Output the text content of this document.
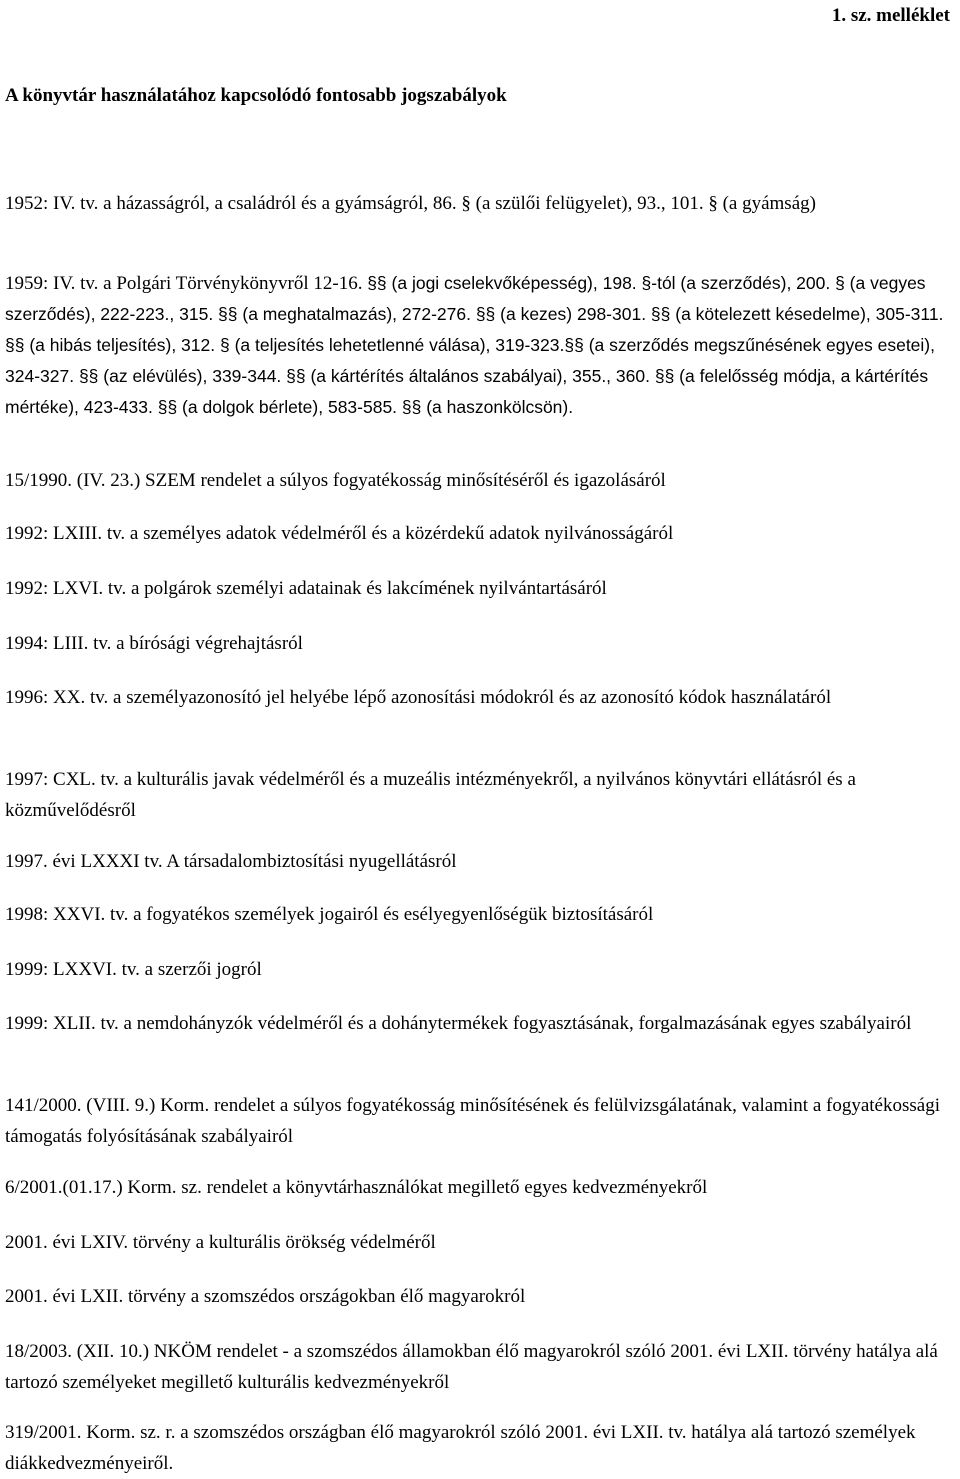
1. sz. melléklet
A könyvtár használatához kapcsolódó fontosabb jogszabályok

1952: IV. tv. a házasságról, a családról és a gyámságról, 86. § (a szülői felügyelet), 93., 101. § (a gyámság)

1959: IV. tv. a Polgári Törvénykönyvről 12-16. §§ (a jogi cselekvőképesség), 198. §-tól (a szerződés), 200. § (a vegyes szerződés), 222-223., 315. §§ (a meghatalmazás), 272-276. §§ (a kezes) 298-301. §§ (a kötelezett késedelme), 305-311. §§ (a hibás teljesítés), 312. § (a teljesítés lehetetlenné válása), 319-323.§§ (a szerződés megszűnésének egyes esetei), 324-327. §§ (az elévülés), 339-344. §§ (a kártérítés általános szabályai), 355., 360. §§ (a felelősség módja, a kártérítés mértéke), 423-433. §§ (a dolgok bérlete), 583-585. §§ (a haszonkölcsön).

15/1990. (IV. 23.) SZEM rendelet a súlyos fogyatékosság minősítéséről és igazolásáról

1992: LXIII. tv. a személyes adatok védelméről és a közérdekű adatok nyilvánosságáról

1992: LXVI. tv. a polgárok személyi adatainak és lakcímének nyilvántartásáról

1994: LIII. tv. a bírósági végrehajtásról

1996: XX. tv. a személyazonosító jel helyébe lépő azonosítási módokról és az azonosító kódok használatáról

1997: CXL. tv. a kulturális javak védelméről és a muzeális intézményekről, a nyilvános könyvtári ellátásról és a közművelődésről

1997. évi LXXXI tv. A társadalombiztosítási nyugellátásról

1998: XXVI. tv. a fogyatékos személyek jogairól és esélyegyenlőségük biztosításáról

1999: LXXVI. tv. a szerzői jogról

1999: XLII. tv. a nemdohányzók védelméről és a dohánytermékek fogyasztásának, forgalmazásának egyes szabályairól

141/2000. (VIII. 9.) Korm. rendelet a súlyos fogyatékosság minősítésének és felülvizsgálatának, valamint a fogyatékossági támogatás folyósításának szabályairól

6/2001.(01.17.) Korm. sz. rendelet a könyvtárhasználókat megillető egyes kedvezményekről

2001. évi LXIV. törvény a kulturális örökség védelméről

2001. évi LXII. törvény a szomszédos országokban élő magyarokról

18/2003. (XII. 10.) NKÖM rendelet - a szomszédos államokban élő magyarokról szóló 2001. évi LXII. törvény hatálya alá tartozó személyeket megillető kulturális kedvezményekről

319/2001. Korm. sz. r. a szomszédos országban élő magyarokról szóló 2001. évi LXII. tv. hatálya alá tartozó személyek diákkedvezményeiről.
